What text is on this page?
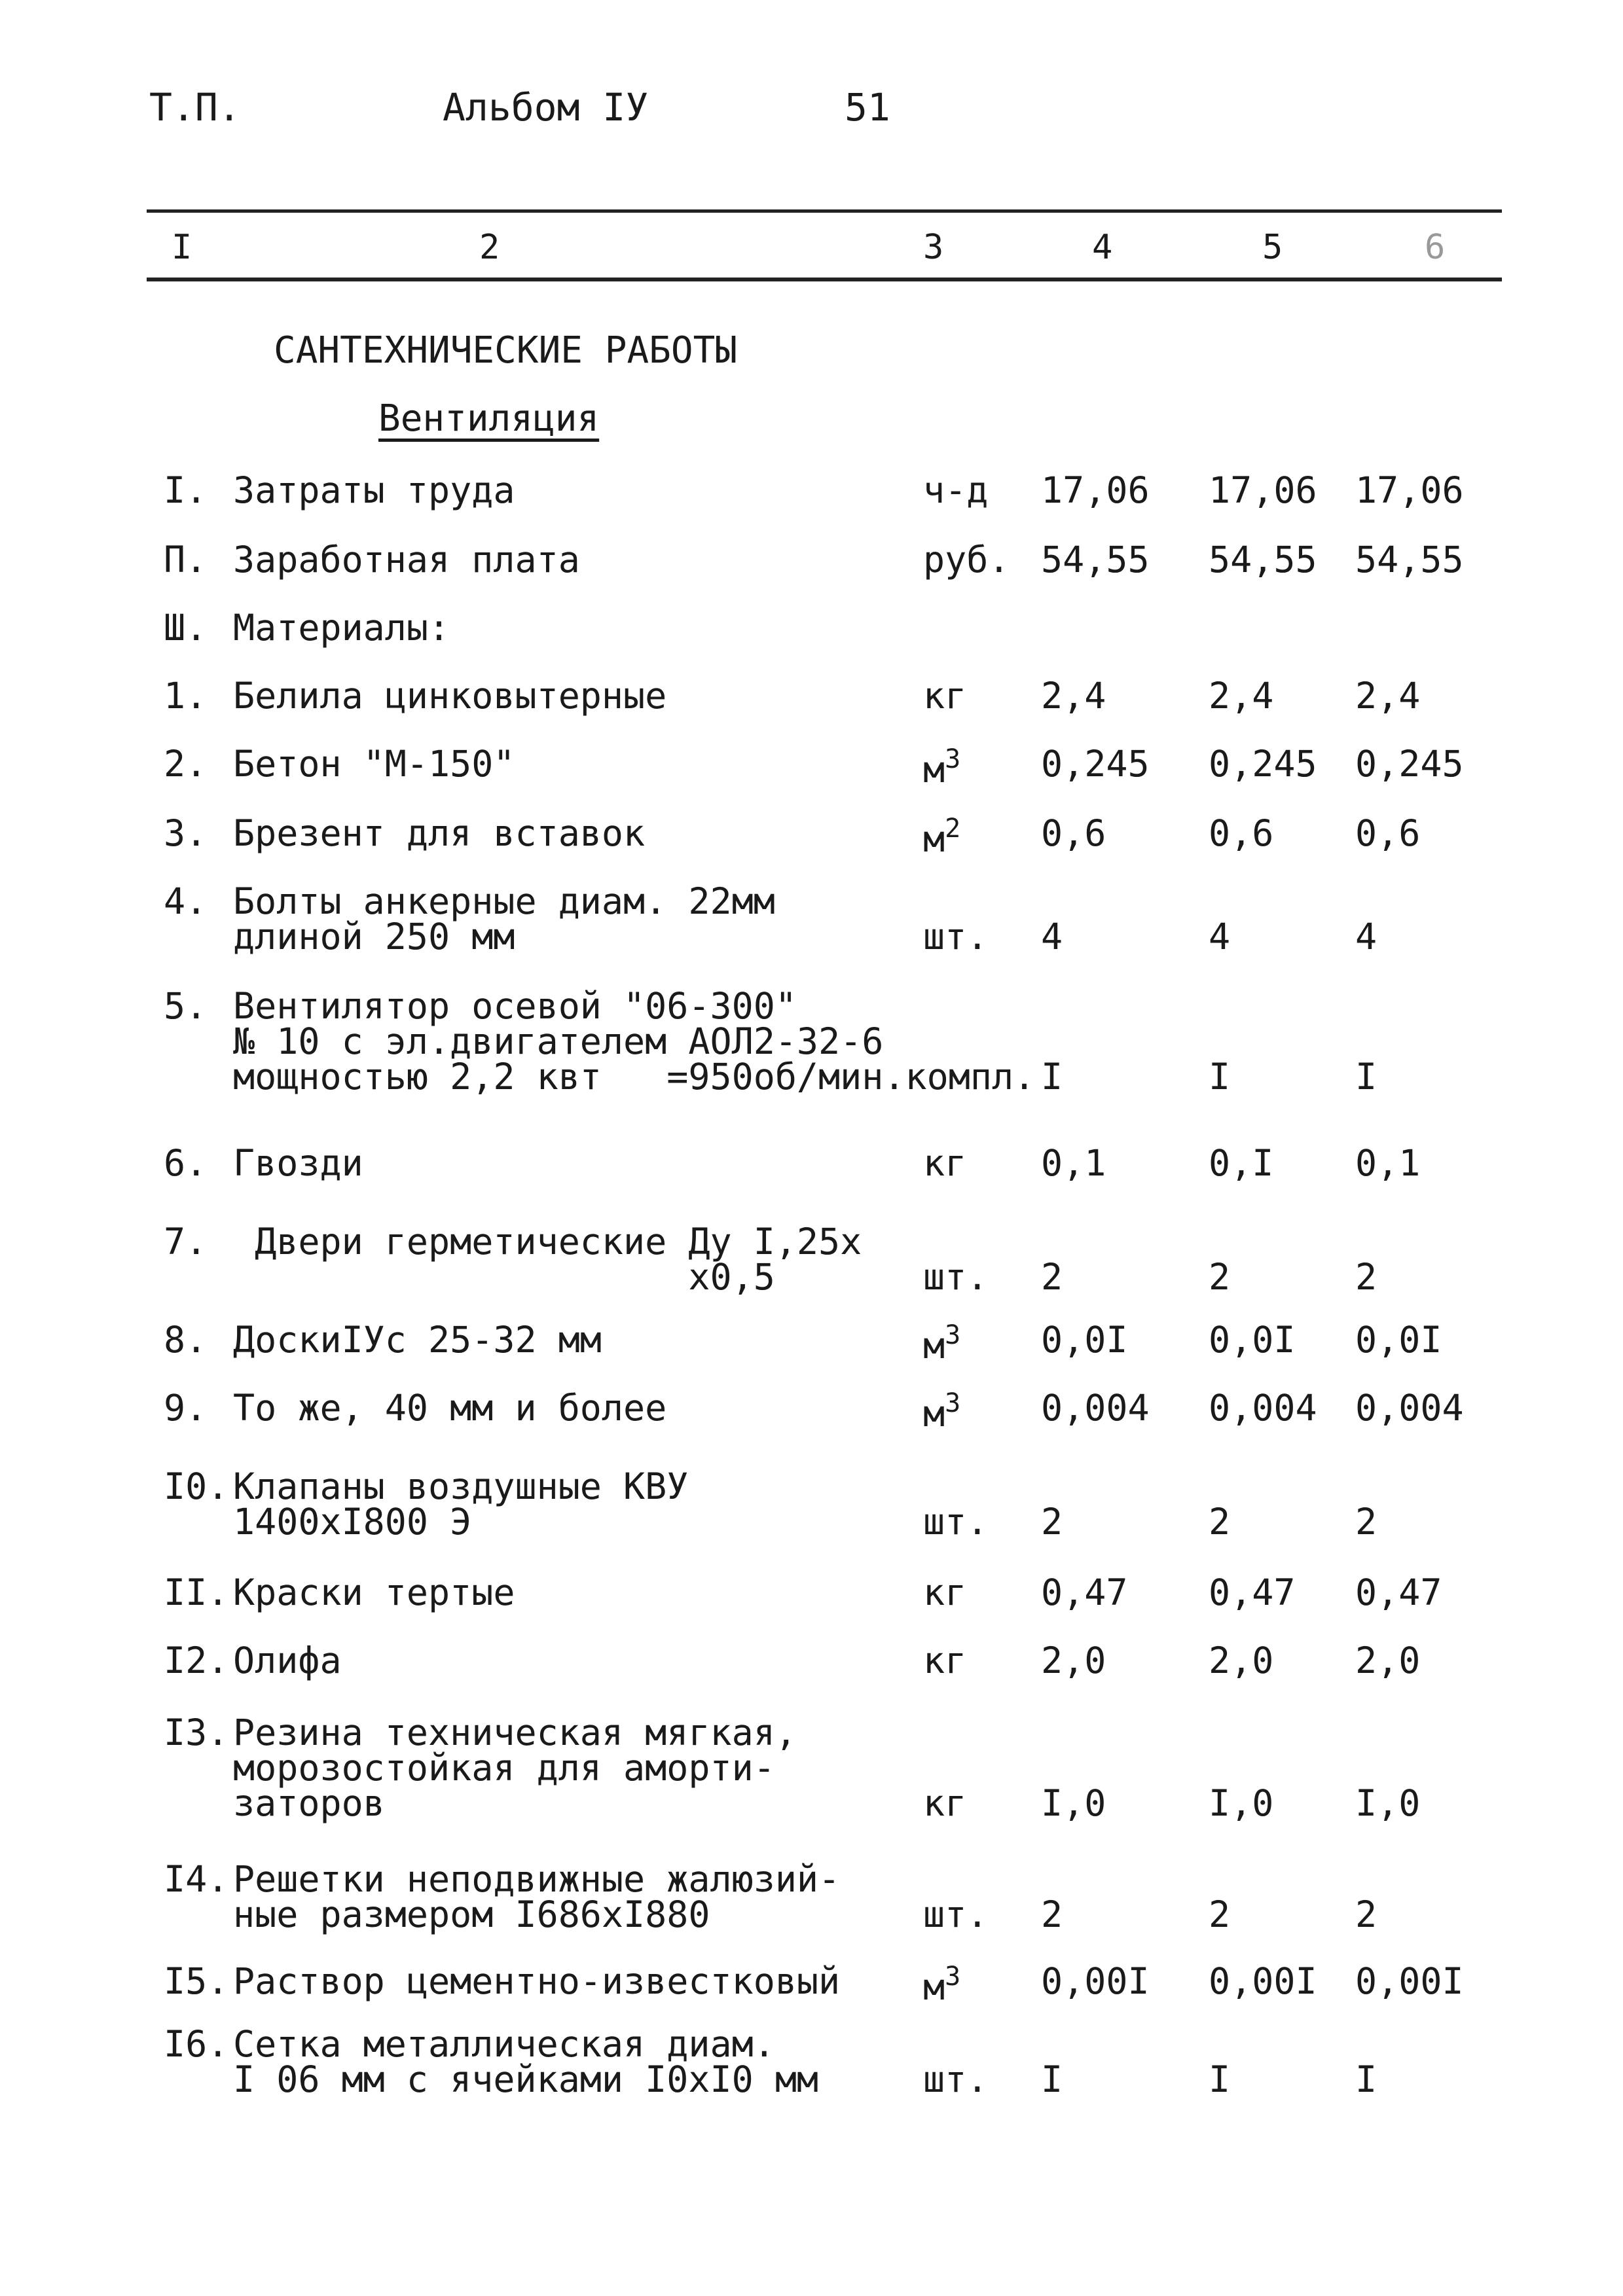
Т.П.	Альбом IУ	51
I	2	3	4	5	6
САНТЕХНИЧЕСКИЕ РАБОТЫ
Вентиляция
I. Затраты труда	ч-д 17,06	17,06	17,06
П. Заработная плата	руб. 54,55	54,55	54,55
Ш. Материалы:
1. Белила цинковытерные	кг 2,4	2,4	2,4
2. Бетон "М-150"	$м^3$ 0,245	0,245	0,245
3. Брезент для вставок	$м^2$ 0,6	0,6	0,6
4. Болты анкерные диам. 22мм
длиной 250 мм	шт. 4	4	4
5. Вентилятор осевой "06-300"
№ 10 с эл.двигателем АОЛ2-32-6
мощностью 2,2 квт   =950об/мин.компл. I	I	I
6. Гвозди	кг 0,1	0,I	0,1
7. Двери герметические Ду I,25х
х0,5	шт. 2	2	2
8. ДоскиIУс 25-32 мм	$м^3$ 0,0I	0,0I	0,0I
9. То же, 40 мм и более	$м^3$ 0,004	0,004	0,004
I0. Клапаны воздушные КВУ
1400хI800 Э	шт. 2	2	2
II. Краски тертые	кг 0,47	0,47	0,47
I2. Олифа	кг 2,0	2,0	2,0
I3. Резина техническая мягкая,
морозостойкая для аморти-
заторов	кг I,0	I,0	I,0
I4. Решетки неподвижные жалюзий-
ные размером I686хI880	шт. 2	2	2
I5. Раствор цементно-известковый $м^3$ 0,00I	0,00I	0,00I
I6. Сетка металлическая диам.
I 06 мм с ячейками I0хI0 мм	шт. I	I	I
